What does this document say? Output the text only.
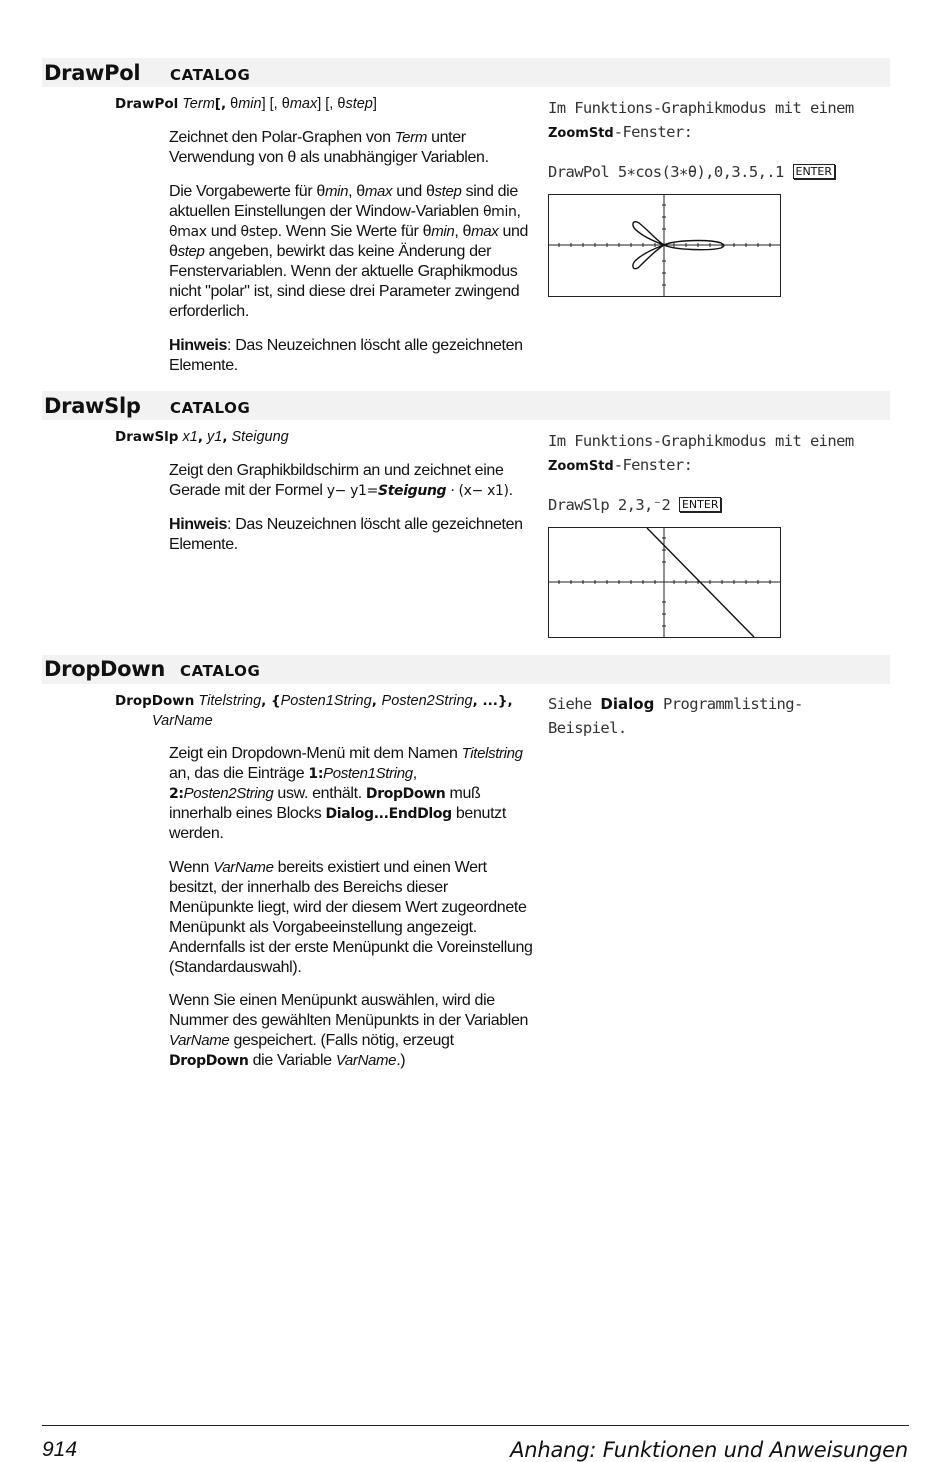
DrawPol CATALOG
DrawPol Term[, θmin] [, θmax] [, θstep]
Zeichnet den Polar-Graphen von Term unter Verwendung von θ als unabhängiger Variablen.
Die Vorgabewerte für θmin, θmax und θstep sind die aktuellen Einstellungen der Window-Variablen θmin, θmax und θstep. Wenn Sie Werte für θmin, θmax und θstep angeben, bewirkt das keine Änderung der Fenstervariablen. Wenn der aktuelle Graphikmodus nicht "polar" ist, sind diese drei Parameter zwingend erforderlich.
Hinweis: Das Neuzeichnen löscht alle gezeichneten Elemente.
Im Funktions-Graphikmodus mit einem
ZoomStd-Fenster:
DrawPol 5∗cos(3∗θ),0,3.5,.1 ENTER
DrawSlp CATALOG
DrawSlp x1, y1, Steigung
Zeigt den Graphikbildschirm an und zeichnet eine Gerade mit der Formel y− y1=Steigung · (x− x1).
Hinweis: Das Neuzeichnen löscht alle gezeichneten Elemente.
Im Funktions-Graphikmodus mit einem
ZoomStd-Fenster:
DrawSlp 2,3,⁻2 ENTER
DropDown CATALOG
DropDown Titelstring, {Posten1String, Posten2String, ...},
VarName
Zeigt ein Dropdown-Menü mit dem Namen Titelstring an, das die Einträge 1:Posten1String,
2:Posten2String usw. enthält. DropDown muß innerhalb eines Blocks Dialog...EndDlog benutzt werden.
Wenn VarName bereits existiert und einen Wert besitzt, der innerhalb des Bereichs dieser Menüpunkte liegt, wird der diesem Wert zugeordnete Menüpunkt als Vorgabeeinstellung angezeigt. Andernfalls ist der erste Menüpunkt die Voreinstellung (Standardauswahl).
Wenn Sie einen Menüpunkt auswählen, wird die Nummer des gewählten Menüpunkts in der Variablen VarName gespeichert. (Falls nötig, erzeugt DropDown die Variable VarName.)
Siehe Dialog Programmlisting-
Beispiel.
914	Anhang: Funktionen und Anweisungen
